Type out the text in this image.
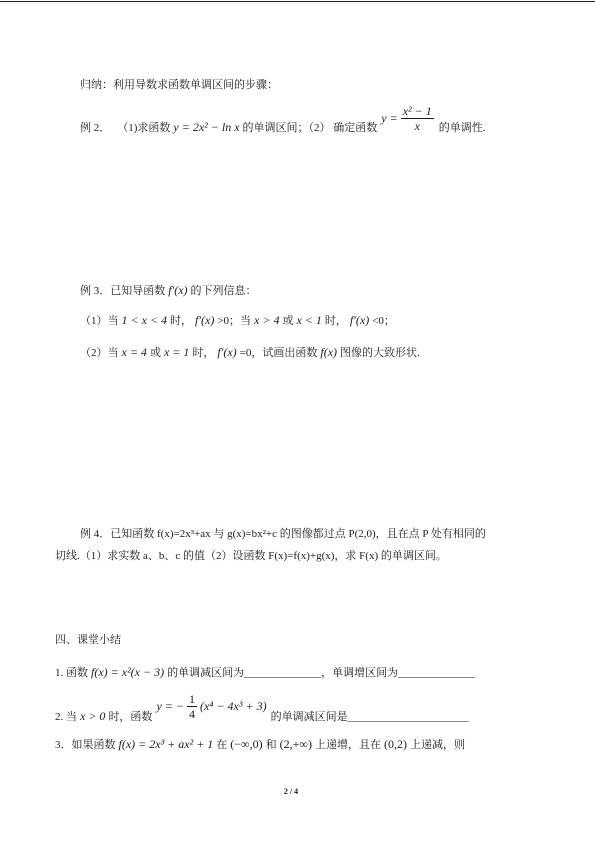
归纳：利用导数求函数单调区间的步骤：
例 2． （1)求函数 y = 2x² − ln x 的单调区间；（2） 确定函数
$y = \frac{\text{x² − 1}}{x}$ 的单调性.
例 3．已知导函数 f′(x) 的下列信息：
（1）当 1 < x < 4 时， f′(x) >0；当 x > 4 或 x < 1 时， f′(x) <0；
（2）当 x = 4 或 x = 1 时， f′(x) =0，试画出函数 f(x) 图像的大致形状.
例 4．已知函数 f(x)=2x³+ax 与 g(x)=bx²+c 的图像都过点 P(2,0)，且在点 P 处有相同的
切线.（1）求实数 a、b、c 的值（2）设函数 F(x)=f(x)+g(x)，求 F(x) 的单调区间。
四、课堂小结
1. 函数 f(x) = x²(x − 3) 的单调减区间为 ______________ ，单调增区间为 ______________
2. 当 x > 0 时，函数
y = − $\frac{1}{4} (x^4 - 4x^3 + 3)$
的单调减区间是 ______________________
3．如果函数 f(x) = 2x³ + ax² + 1 在 (−∞,0) 和 (2,+∞) 上递增，且在 (0,2) 上递减，则
2 / 4
